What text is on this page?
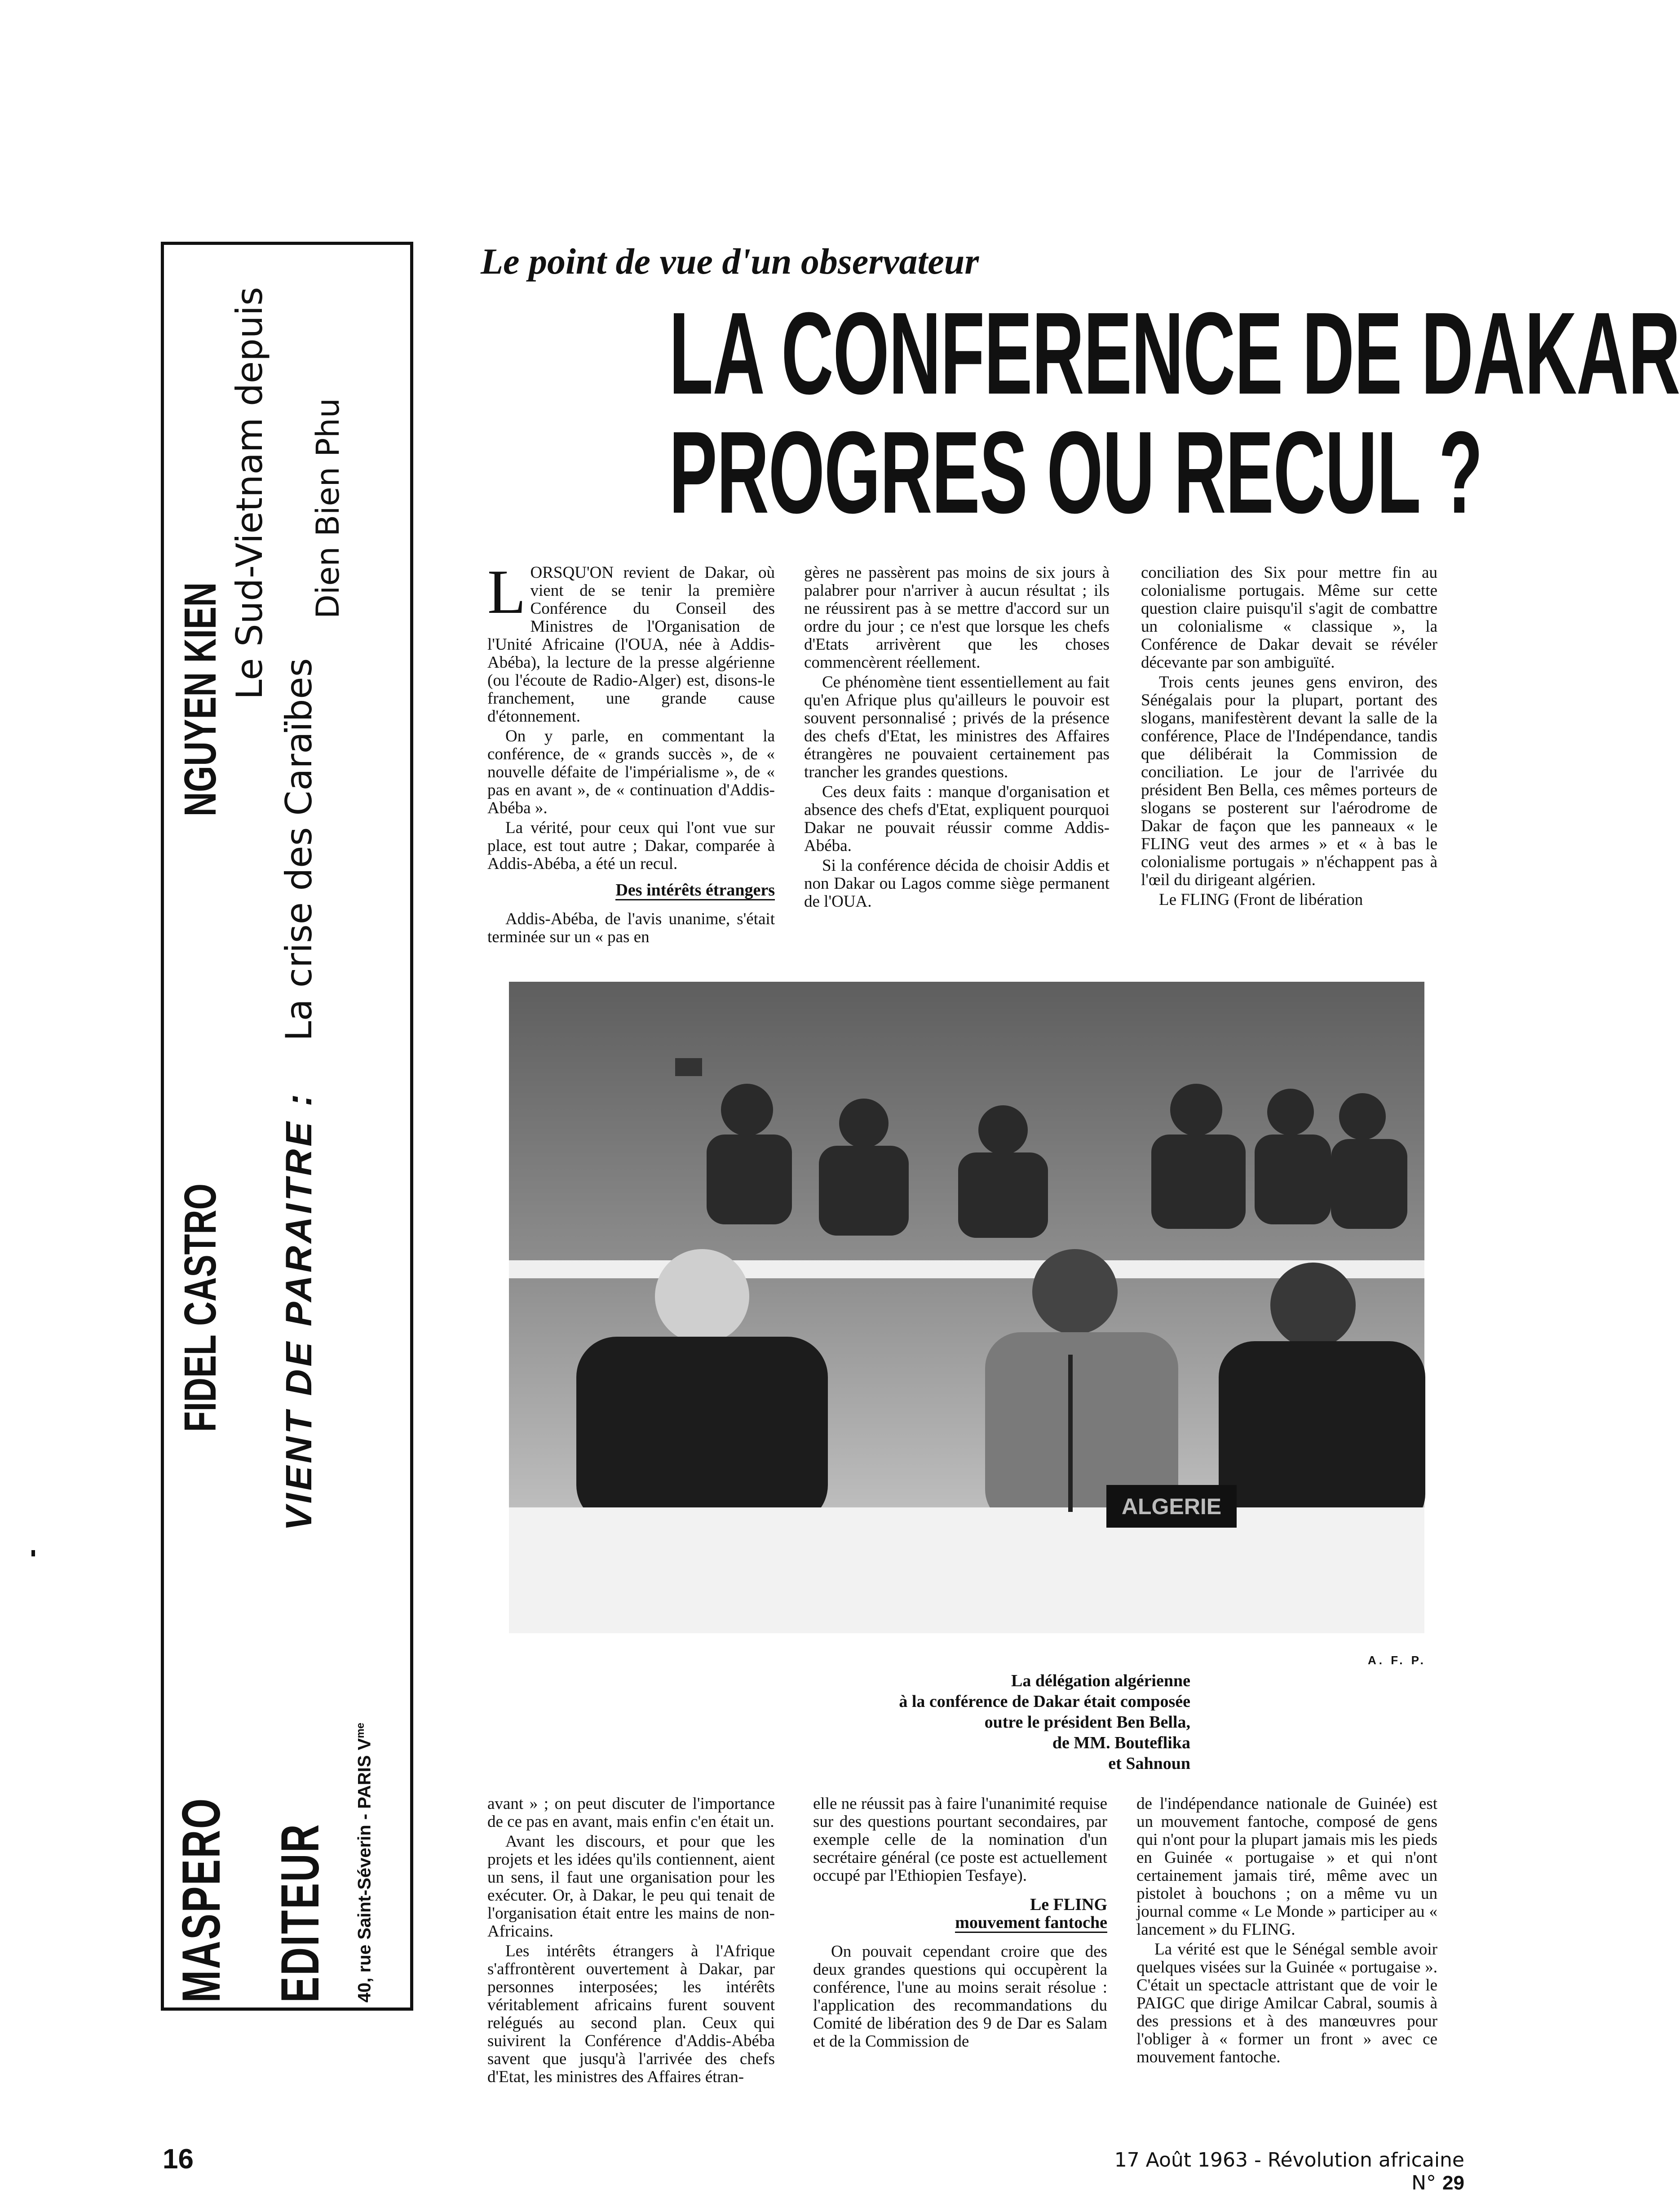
MASPERO
FIDEL CASTRO
NGUYEN KIEN Le Sud-Vietnam depuis
EDITEUR
VIENT DE PARAITRE :
La crise des Caraïbes
Dien Bien Phu
40, rue Saint-Séverin - PARIS $V^{me}$
Le point de vue d'un observateur
LA CONFERENCE DE DAKAR
PROGRES OU RECUL ?

LORSQU'ON revient de Dakar, où vient de se tenir la première Conférence du Conseil des Ministres de l'Organisation de l'Unité Africaine (l'OUA, née à Addis-Abéba), la lecture de la presse algérienne (ou l'écoute de Radio-Alger) est, disons-le franchement, une grande cause d'étonnement.

On y parle, en commentant la conférence, de « grands succès », de « nouvelle défaite de l'impérialisme », de « pas en avant », de « continuation d'Addis-Abéba ».

La vérité, pour ceux qui l'ont vue sur place, est tout autre ; Dakar, comparée à Addis-Abéba, a été un recul.

Des intérêts étrangers

Addis-Abéba, de l'avis unanime, s'était terminée sur un « pas en

gères ne passèrent pas moins de six jours à palabrer pour n'arriver à aucun résultat ; ils ne réussirent pas à se mettre d'accord sur un ordre du jour ; ce n'est que lorsque les chefs d'Etats arrivèrent que les choses commencèrent réellement.

Ce phénomène tient essentiellement au fait qu'en Afrique plus qu'ailleurs le pouvoir est souvent personnalisé ; privés de la présence des chefs d'Etat, les ministres des Affaires étrangères ne pouvaient certainement pas trancher les grandes questions.

Ces deux faits : manque d'organisation et absence des chefs d'Etat, expliquent pourquoi Dakar ne pouvait réussir comme Addis-Abéba.

Si la conférence décida de choisir Addis et non Dakar ou Lagos comme siège permanent de l'OUA.

conciliation des Six pour mettre fin au colonialisme portugais. Même sur cette question claire puisqu'il s'agit de combattre un colonialisme « classique », la Conférence de Dakar devait se révéler décevante par son ambiguïté.

Trois cents jeunes gens environ, des Sénégalais pour la plupart, portant des slogans, manifestèrent devant la salle de la conférence, Place de l'Indépendance, tandis que délibérait la Commission de conciliation. Le jour de l'arrivée du président Ben Bella, ces mêmes porteurs de slogans se posterent sur l'aérodrome de Dakar de façon que les panneaux « le FLING veut des armes » et « à bas le colonialisme portugais » n'échappent pas à l'œil du dirigeant algérien.

Le FLING (Front de libération

ALGERIE
A. F. P.
La délégation algérienne
à la conférence de Dakar était composée
outre le président Ben Bella,
de MM. Bouteflika
et Sahnoun

avant » ; on peut discuter de l'importance de ce pas en avant, mais enfin c'en était un.

Avant les discours, et pour que les projets et les idées qu'ils contiennent, aient un sens, il faut une organisation pour les exécuter. Or, à Dakar, le peu qui tenait de l'organisation était entre les mains de non-Africains.

Les intérêts étrangers à l'Afrique s'affrontèrent ouvertement à Dakar, par personnes interposées; les intérêts véritablement africains furent souvent relégués au second plan. Ceux qui suivirent la Conférence d'Addis-Abéba savent que jusqu'à l'arrivée des chefs d'Etat, les ministres des Affaires étran-

elle ne réussit pas à faire l'unanimité requise sur des questions pourtant secondaires, par exemple celle de la nomination d'un secrétaire général (ce poste est actuellement occupé par l'Ethiopien Tesfaye).

Le FLING
mouvement fantoche

On pouvait cependant croire que des deux grandes questions qui occupèrent la conférence, l'une au moins serait résolue : l'application des recommandations du Comité de libération des 9 de Dar es Salam et de la Commission de

de l'indépendance nationale de Guinée) est un mouvement fantoche, composé de gens qui n'ont pour la plupart jamais mis les pieds en Guinée « portugaise » et qui n'ont certainement jamais tiré, même avec un pistolet à bouchons ; on a même vu un journal comme « Le Monde » participer au « lancement » du FLING.

La vérité est que le Sénégal semble avoir quelques visées sur la Guinée « portugaise ». C'était un spectacle attristant que de voir le PAIGC que dirige Amilcar Cabral, soumis à des pressions et à des manœuvres pour l'obliger à « former un front » avec ce mouvement fantoche.

16	17 Août 1963 - Révolution africaine N° 29
